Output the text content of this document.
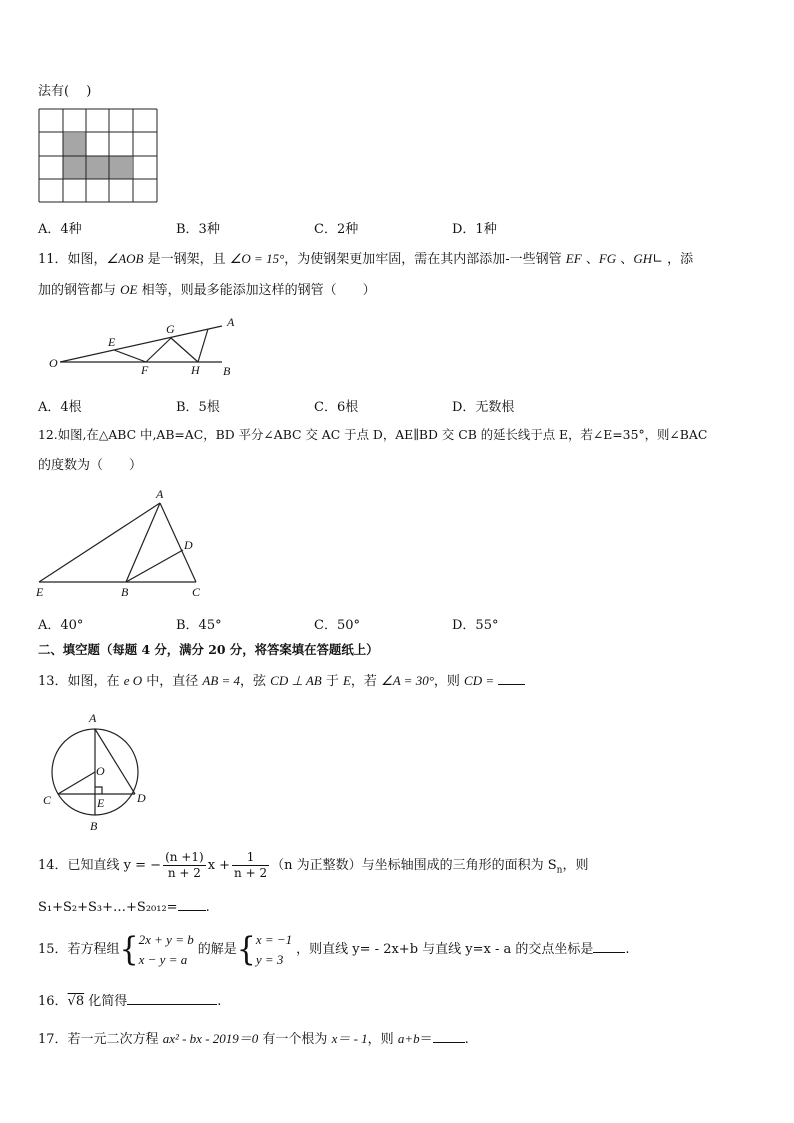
法有(　 )
A．4种	B．3种	C．2种	D．1种
11．如图，∠AOB 是一钢架，且 ∠O = 15°，为使钢架更加牢固，需在其内部添加-一些钢管 EF 、FG 、GH∟ ，添
加的钢管都与 OE 相等，则最多能添加这样的钢管（　　）
O
E
F
G
H
A
B
A．4根	B．5根	C．6根	D．无数根
12.如图,在△ABC 中,AB=AC，BD 平分∠ABC 交 AC 于点 D，AE∥BD 交 CB 的延长线于点 E，若∠E=35°，则∠BAC
的度数为（　　）
A
D
E	B	C
A．40°	B．45°	C．50°	D．55°
二、填空题（每题 4 分，满分 20 分，将答案填在答题纸上）
13．如图，在 e O 中，直径 AB = 4，弦 CD ⊥ AB 于 E，若 ∠A = 30°，则 CD =
A
O
C	D
E
B
14．已知直线 y = − $\frac{(n +1)}{n + 2}$ $x + \frac{1}{n + 2} (n$ 为正整数）与坐标轴围成的三角形的面积为 $S_n$，则
S₁+S₂+S₃+…+S₂₀₁₂= .
15．若方程组{ 2x + y = b
x − y = a
的解是{ x = −1
y = 3
，则直线 y= - 2x+b 与直线 y=x - a 的交点坐标是 .
16．√8 化简得	.
17．若一元二次方程 ax² - bx - 2019＝0 有一个根为 x＝ - 1，则 a+b＝ .
